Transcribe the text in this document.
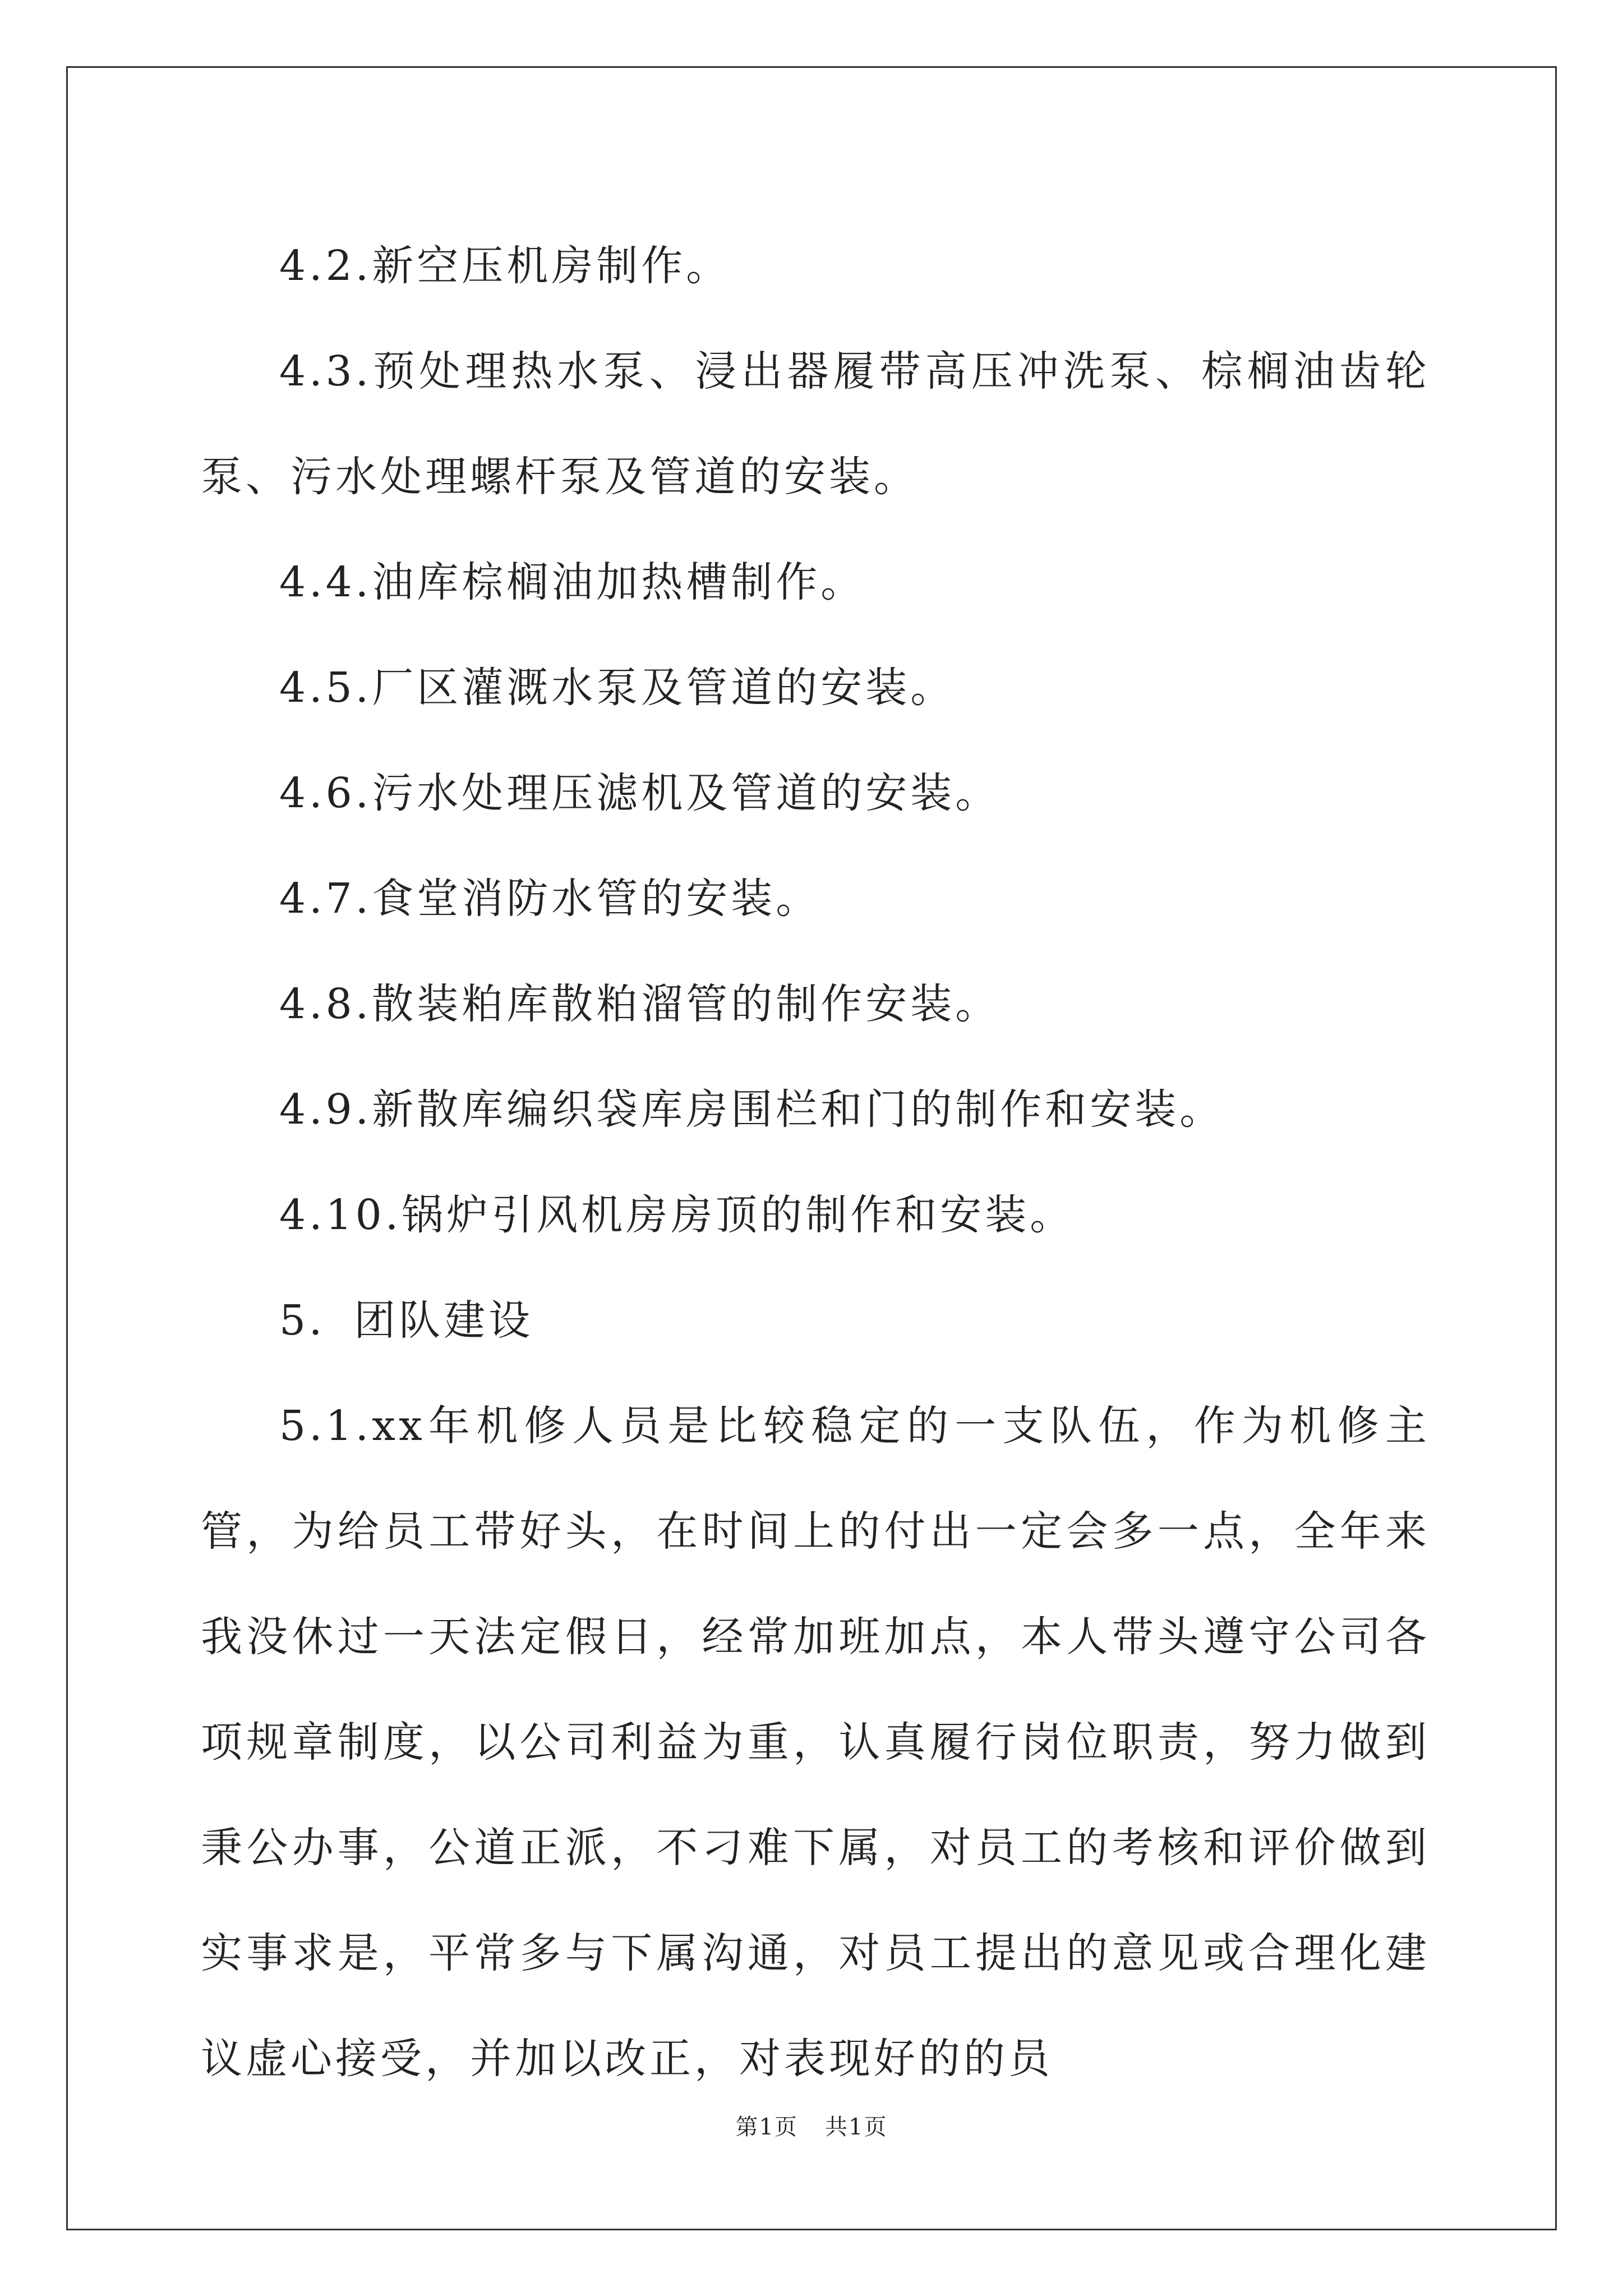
4.2.新空压机房制作。

4.3.预处理热水泵、浸出器履带高压冲洗泵、棕榈油齿轮泵、污水处理螺杆泵及管道的安装。

4.4.油库棕榈油加热槽制作。

4.5.厂区灌溉水泵及管道的安装。

4.6.污水处理压滤机及管道的安装。

4.7.食堂消防水管的安装。

4.8.散装粕库散粕溜管的制作安装。

4.9.新散库编织袋库房围栏和门的制作和安装。

4.10.锅炉引风机房房顶的制作和安装。

5．团队建设

5.1.xx年机修人员是比较稳定的一支队伍，作为机修主管，为给员工带好头，在时间上的付出一定会多一点，全年来我没休过一天法定假日，经常加班加点，本人带头遵守公司各项规章制度，以公司利益为重，认真履行岗位职责，努力做到秉公办事，公道正派，不刁难下属，对员工的考核和评价做到实事求是，平常多与下属沟通，对员工提出的意见或合理化建议虚心接受，并加以改正，对表现好的的员

第1页 共1页
